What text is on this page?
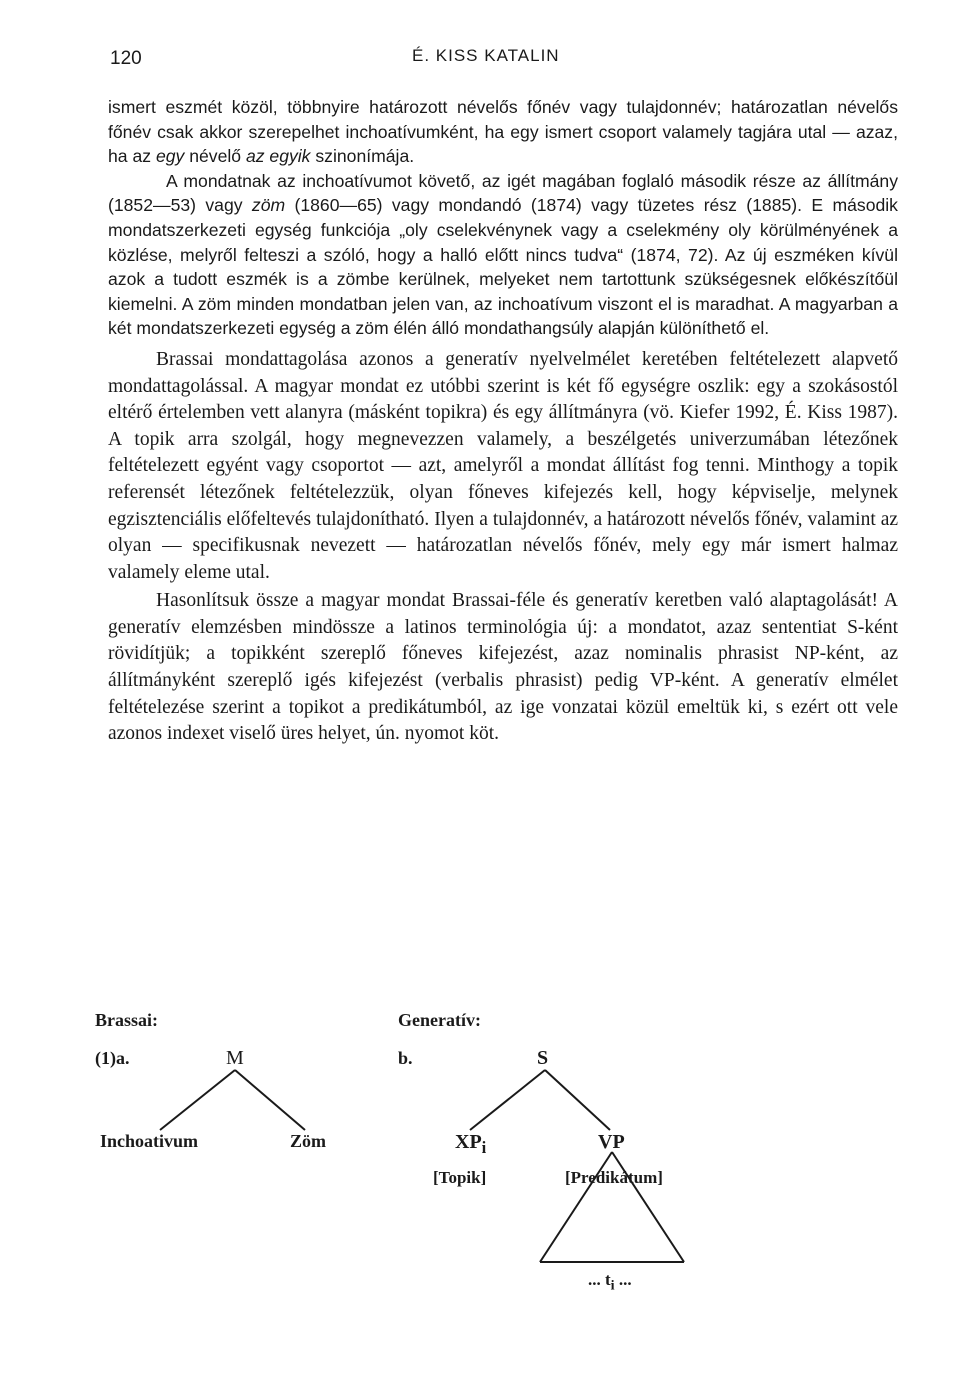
120	É. KISS KATALIN

ismert eszmét közöl, többnyire határozott névelős főnév vagy tulajdonnév; határozatlan névelős főnév csak akkor szerepelhet inchoatívumként, ha egy ismert csoport valamely tagjára utal — azaz, ha az egy névelő az egyik szinonímája.

A mondatnak az inchoatívumot követő, az igét magában foglaló második része az állítmány (1852—53) vagy zöm (1860—65) vagy mondandó (1874) vagy tüzetes rész (1885). E második mondatszerkezeti egység funkciója „oly cselekvénynek vagy a cselekmény oly körülményének a közlése, melyről felteszi a szóló, hogy a halló előtt nincs tudva“ (1874, 72). Az új eszméken kívül azok a tudott eszmék is a zömbe kerülnek, melyeket nem tartottunk szükségesnek előkészítőül kiemelni. A zöm minden mondatban jelen van, az inchoatívum viszont el is maradhat. A magyarban a két mondatszerkezeti egység a zöm élén álló mondathangsúly alapján különíthető el.

Brassai mondattagolása azonos a generatív nyelvelmélet keretében feltételezett alapvető mondattagolással. A magyar mondat ez utóbbi szerint is két fő egységre oszlik: egy a szokásostól eltérő értelemben vett alanyra (másként topikra) és egy állítmányra (vö. Kiefer 1992, É. Kiss 1987). A topik arra szolgál, hogy megnevezzen valamely, a beszélgetés univerzumában létezőnek feltételezett egyént vagy csoportot — azt, amelyről a mondat állítást fog tenni. Minthogy a topik referensét létezőnek feltételezzük, olyan főneves kifejezés kell, hogy képviselje, melynek egzisztenciális előfeltevés tulajdonítható. Ilyen a tulajdonnév, a határozott névelős főnév, valamint az olyan — specifikusnak nevezett — határozatlan névelős főnév, mely egy már ismert halmaz valamely eleme utal.

Hasonlítsuk össze a magyar mondat Brassai-féle és generatív keretben való alaptagolását! A generatív elemzésben mindössze a latinos terminológia új: a mondatot, azaz sententiat S-ként rövidítjük; a topikként szereplő főneves kifejezést, azaz nominalis phrasist NP-ként, az állítmányként szereplő igés kifejezést (verbalis phrasist) pedig VP-ként. A generatív elmélet feltételezése szerint a topikot a predikátumból, az ige vonzatai közül emeltük ki, s ezért ott vele azonos indexet viselő üres helyet, ún. nyomot köt.

Brassai:	Generatív:
(1)a.	M
Inchoativum	Zöm
b.	S
$XP_i$	VP
[Topik]	[Predikátum]
... $t_i$ ...
